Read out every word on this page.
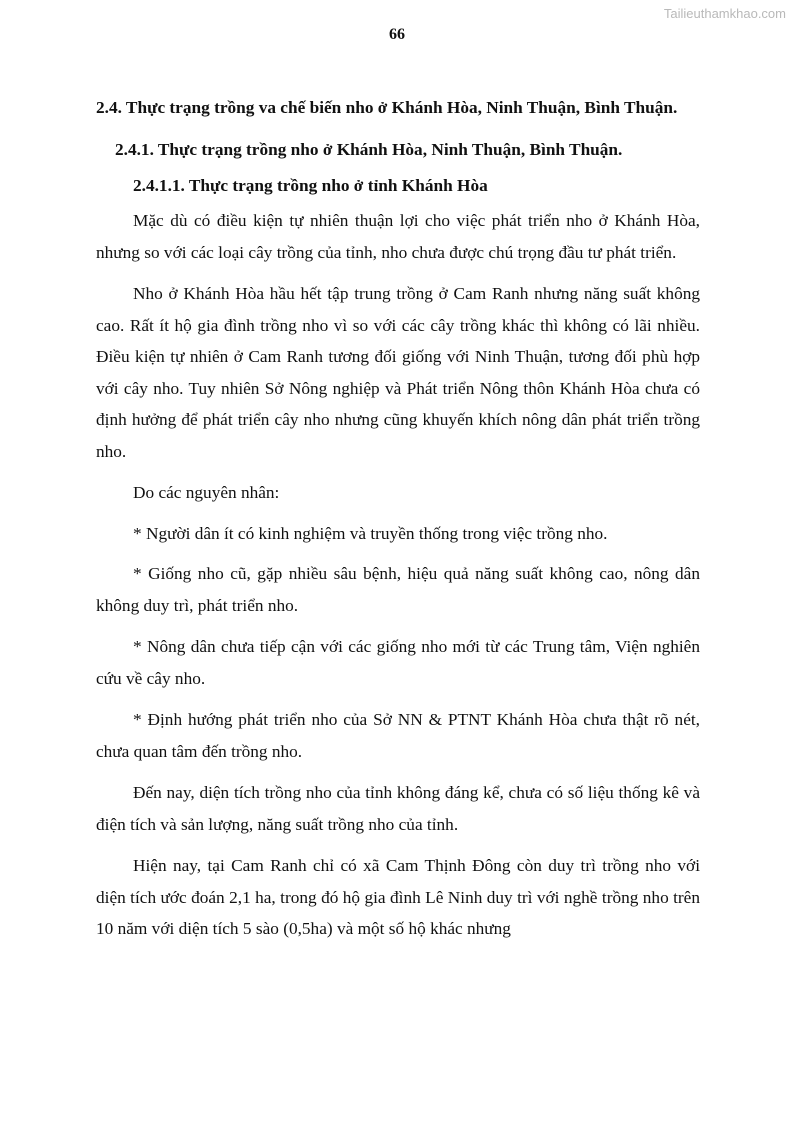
Tailieuthamkhao.com
66
2.4. Thực trạng trồng va chế biến nho ở Khánh Hòa, Ninh Thuận, Bình Thuận.
2.4.1. Thực trạng trồng nho ở Khánh Hòa, Ninh Thuận, Bình Thuận.
2.4.1.1. Thực trạng trồng nho ở tỉnh Khánh Hòa

Mặc dù có điều kiện tự nhiên thuận lợi cho việc phát triển nho ở Khánh Hòa, nhưng so với các loại cây trồng của tỉnh, nho chưa được chú trọng đầu tư phát triển.

Nho ở Khánh Hòa hầu hết tập trung trồng ở Cam Ranh nhưng năng suất không cao. Rất ít hộ gia đình trồng nho vì so với các cây trồng khác thì không có lãi nhiều. Điều kiện tự nhiên ở Cam Ranh tương đối giống với Ninh Thuận, tương đối phù hợp với cây nho. Tuy nhiên Sở Nông nghiệp và Phát triển Nông thôn Khánh Hòa chưa có định hưởng để phát triển cây nho nhưng cũng khuyến khích nông dân phát triển trồng nho.

Do các nguyên nhân:

* Người dân ít có kinh nghiệm và truyền thống trong việc trồng nho.

* Giống nho cũ, gặp nhiều sâu bệnh, hiệu quả năng suất không cao, nông dân không duy trì, phát triển nho.

* Nông dân chưa tiếp cận với các giống nho mới từ các Trung tâm, Viện nghiên cứu về cây nho.

* Định hướng phát triển nho của Sở NN & PTNT Khánh Hòa chưa thật rõ nét, chưa quan tâm đến trồng nho.

Đến nay, diện tích trồng nho của tỉnh không đáng kể, chưa có số liệu thống kê và điện tích và sản lượng, năng suất trồng nho của tỉnh.

Hiện nay, tại Cam Ranh chỉ có xã Cam Thịnh Đông còn duy trì trồng nho với diện tích ước đoán 2,1 ha, trong đó hộ gia đình Lê Ninh duy trì với nghề trồng nho trên 10 năm với diện tích 5 sào (0,5ha) và một số hộ khác nhưng
